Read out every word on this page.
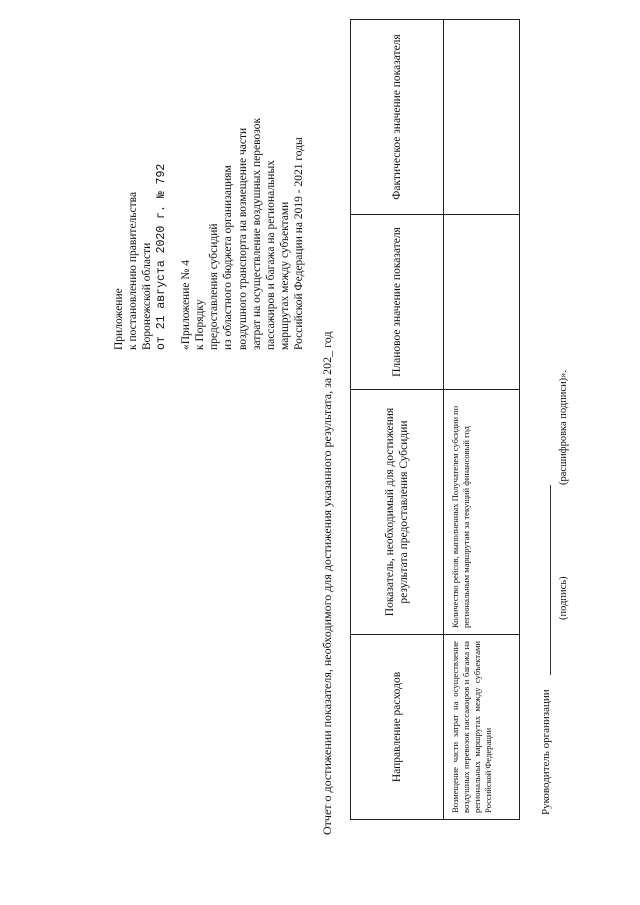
Приложение к постановлению правительства Воронежской области от 21 августа 2020 г. № 792 «Приложение № 4 к Порядку предоставления субсидий из областного бюджета организациям воздушного транспорта на возмещение части затрат на осуществление воздушных перевозок пассажиров и багажа на региональных маршрутах между субъектами Российской Федерации на 2019 - 2021 годы
Отчет о достижении показателя, необходимого для достижения указанного результата, за 202_ год	Направление расходов	Показатель, необходимый для достижения результата предоставления Субсидии	Плановое значение показателя	Фактическое значение показателя
Возмещение части затрат на осуществление воздушных перевозок пассажиров и багажа на региональных маршрутах между субъектами Российской Федерации	Количество рейсов, выполненных Получателем субсидии по региональным маршрутам за текущий финансовый год		
Руководитель организации
(подпись)
(расшифровка подписи)».
